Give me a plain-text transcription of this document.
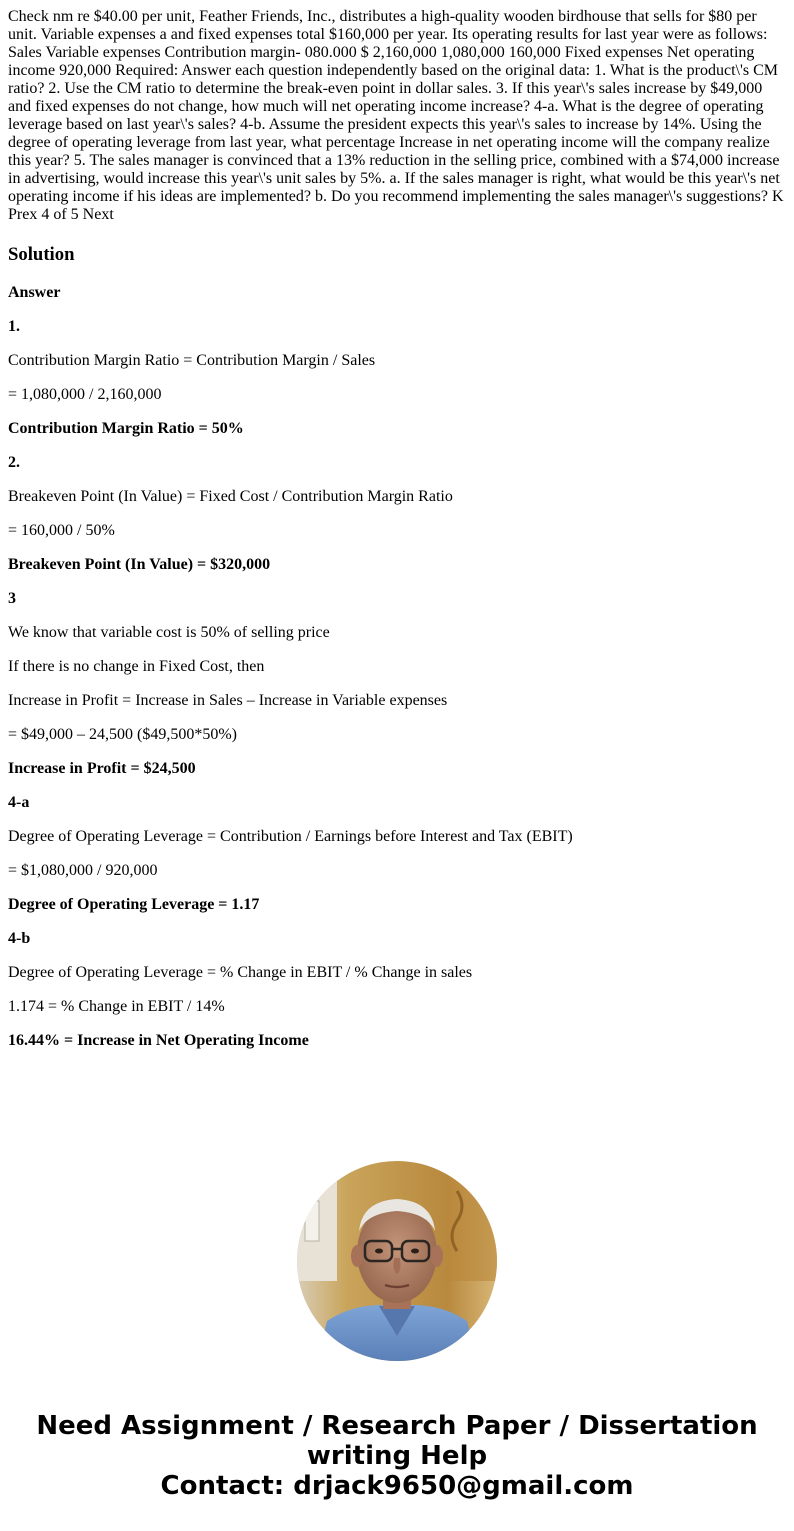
Check nm re $40.00 per unit, Feather Friends, Inc., distributes a high-quality wooden birdhouse that sells for $80 per unit. Variable expenses a and fixed expenses total $160,000 per year. Its operating results for last year were as follows: Sales Variable expenses Contribution margin- 080.000 $ 2,160,000 1,080,000 160,000 Fixed expenses Net operating income 920,000 Required: Answer each question independently based on the original data: 1. What is the product\'s CM ratio? 2. Use the CM ratio to determine the break-even point in dollar sales. 3. If this year\'s sales increase by $49,000 and fixed expenses do not change, how much will net operating income increase? 4-a. What is the degree of operating leverage based on last year\'s sales? 4-b. Assume the president expects this year\'s sales to increase by 14%. Using the degree of operating leverage from last year, what percentage Increase in net operating income will the company realize this year? 5. The sales manager is convinced that a 13% reduction in the selling price, combined with a $74,000 increase in advertising, would increase this year\'s unit sales by 5%. a. If the sales manager is right, what would be this year\'s net operating income if his ideas are implemented? b. Do you recommend implementing the sales manager\'s suggestions? K Prex 4 of 5 Next
Solution
Answer
1.
Contribution Margin Ratio = Contribution Margin / Sales
= 1,080,000 / 2,160,000
Contribution Margin Ratio = 50%
2.
Breakeven Point (In Value) = Fixed Cost / Contribution Margin Ratio
= 160,000 / 50%
Breakeven Point (In Value) = $320,000
3
We know that variable cost is 50% of selling price
If there is no change in Fixed Cost, then
Increase in Profit = Increase in Sales – Increase in Variable expenses
= $49,000 – 24,500 ($49,500*50%)
Increase in Profit = $24,500
4-a
Degree of Operating Leverage = Contribution / Earnings before Interest and Tax (EBIT)
= $1,080,000 / 920,000
Degree of Operating Leverage = 1.17
4-b
Degree of Operating Leverage = % Change in EBIT / % Change in sales
1.174 = % Change in EBIT / 14%
16.44% = Increase in Net Operating Income
Need Assignment / Research Paper / Dissertation
writing Help
Contact: drjack9650@gmail.com
